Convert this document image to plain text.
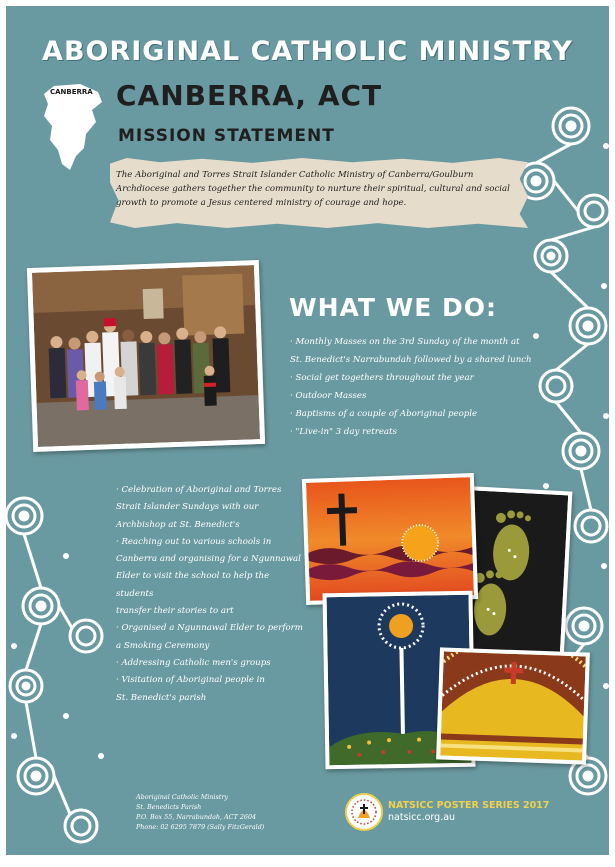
ABORIGINAL CATHOLIC MINISTRY
CANBERRA CANBERRA, ACT
MISSION STATEMENT
The Aboriginal and Torres Strait Islander Catholic Ministry of Canberra/Goulburn Archdiocese gathers together the community to nurture their spiritual, cultural and social growth to promote a Jesus centered ministry of courage and hope.
WHAT WE DO:
· Monthly Masses on the 3rd Sunday of the month at
St. Benedict's Narrabundah followed by a shared lunch
· Social get togethers throughout the year
· Outdoor Masses
· Baptisms of a couple of Aboriginal people
· "Live-in" 3 day retreats
· Celebration of Aboriginal and Torres
Strait Islander Sundays with our
Archbishop at St. Benedict's
· Reaching out to various schools in
Canberra and organising for a Ngunnawal
Elder to visit the school to help the students
transfer their stories to art
· Organised a Ngunnawal Elder to perform
a Smoking Ceremony
· Addressing Catholic men's groups
· Visitation of Aboriginal people in
St. Benedict's parish
Aboriginal Catholic Ministry
St. Benedicts Parish
P.O. Box 55, Narrabundah, ACT 2604
Phone: 02 6295 7879 (Sally FitzGerald)
NATSICC POSTER SERIES 2017
natsicc.org.au
